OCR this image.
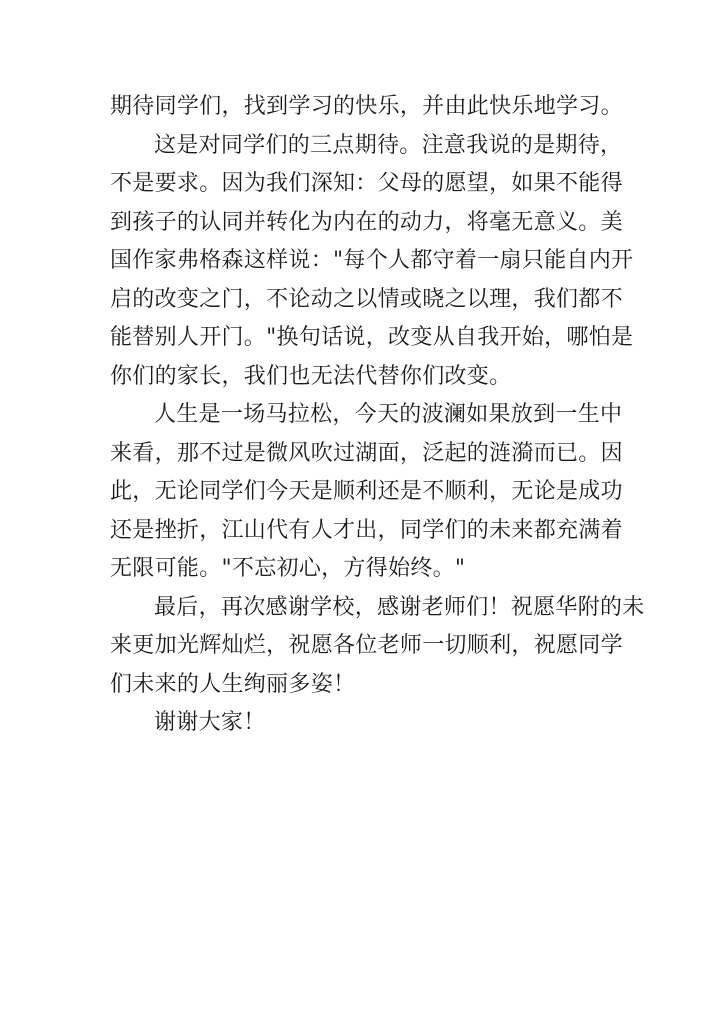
期待同学们，找到学习的快乐，并由此快乐地学习。
这是对同学们的三点期待。注意我说的是期待，
不是要求。因为我们深知：父母的愿望，如果不能得
到孩子的认同并转化为内在的动力，将毫无意义。美
国作家弗格森这样说："每个人都守着一扇只能自内开
启的改变之门，不论动之以情或晓之以理，我们都不
能替别人开门。"换句话说，改变从自我开始，哪怕是
你们的家长，我们也无法代替你们改变。
人生是一场马拉松，今天的波澜如果放到一生中
来看，那不过是微风吹过湖面，泛起的涟漪而已。因
此，无论同学们今天是顺利还是不顺利，无论是成功
还是挫折，江山代有人才出，同学们的未来都充满着
无限可能。"不忘初心，方得始终。"
最后，再次感谢学校，感谢老师们！祝愿华附的未
来更加光辉灿烂，祝愿各位老师一切顺利，祝愿同学
们未来的人生绚丽多姿！
谢谢大家！
